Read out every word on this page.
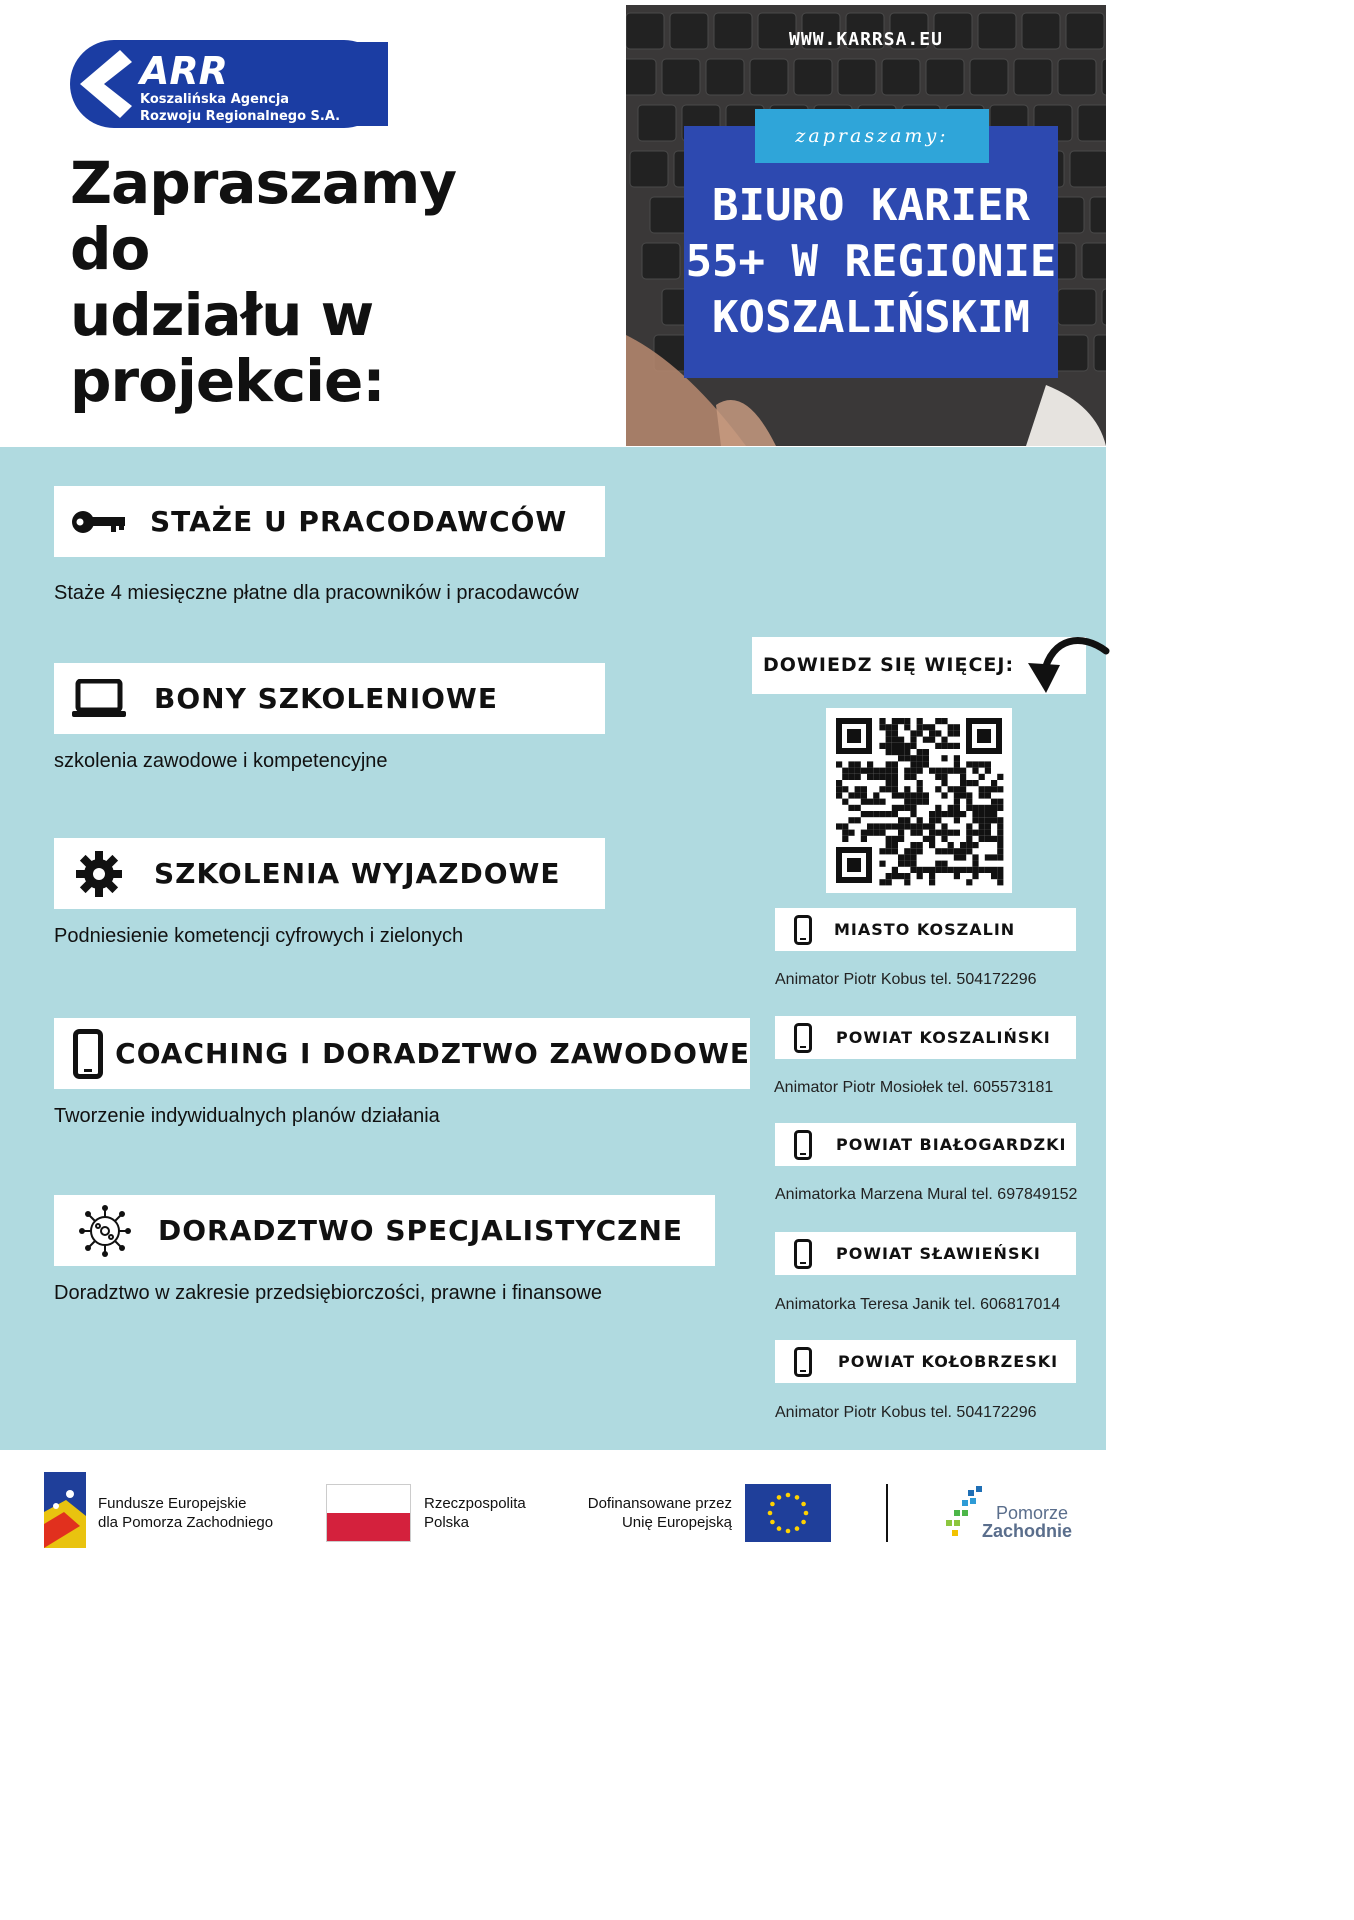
ARR
Koszalińska Agencja
Rozwoju Regionalnego S.A.
Zapraszamy
do
udziału w
projekcie:
WWW.KARRSA.EU
BIURO KARIER
55+ W REGIONIE
KOSZALIŃSKIM
zapraszamy:
STAŻE U PRACODAWCÓW
Staże 4 miesięczne płatne dla pracowników i pracodawców
BONY SZKOLENIOWE
szkolenia zawodowe i kompetencyjne
SZKOLENIA WYJAZDOWE
Podniesienie kometencji cyfrowych i zielonych
COACHING I DORADZTWO ZAWODOWE
Tworzenie indywidualnych planów działania
DORADZTWO SPECJALISTYCZNE
Doradztwo w zakresie przedsiębiorczości, prawne i finansowe
DOWIEDZ SIĘ WIĘCEJ:
MIASTO KOSZALIN
Animator Piotr Kobus tel. 504172296
POWIAT KOSZALIŃSKI
Animator Piotr Mosiołek tel. 605573181
POWIAT BIAŁOGARDZKI
Animatorka Marzena Mural tel. 697849152
POWIAT SŁAWIEŃSKI
Animatorka Teresa Janik tel. 606817014
POWIAT KOŁOBRZESKI
Animator Piotr Kobus tel. 504172296
Fundusze Europejskie
dla Pomorza Zachodniego
Rzeczpospolita
Polska
Dofinansowane przez
Unię Europejską	Pomorze
Zachodnie
